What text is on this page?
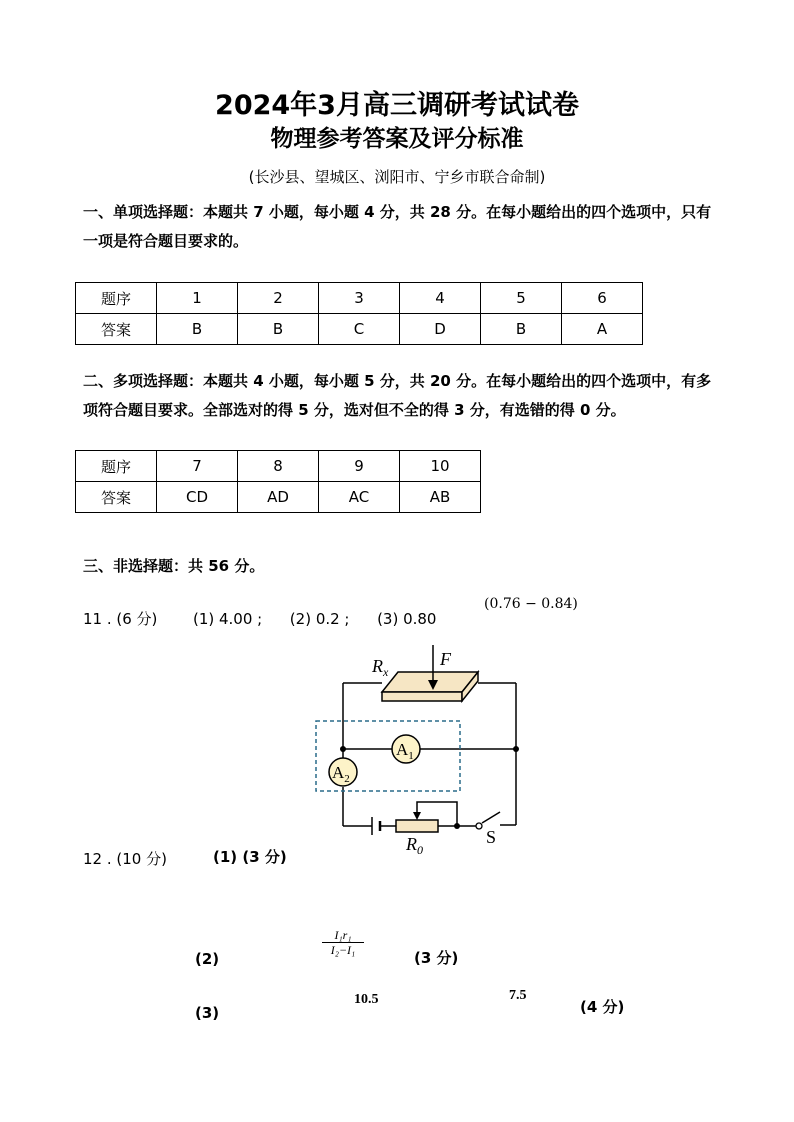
2024年3月高三调研考试试卷
物理参考答案及评分标准
(长沙县、望城区、浏阳市、宁乡市联合命制)
一、单项选择题：本题共 7 小题，每小题 4 分，共 28 分。在每小题给出的四个选项中，只有一项是符合题目要求的。
题序	1	2	3	4	5	6
答案	B	B	C	D	B	A
二、多项选择题：本题共 4 小题，每小题 5 分，共 20 分。在每小题给出的四个选项中，有多项符合题目要求。全部选对的得 5 分，选对但不全的得 3 分，有选错的得 0 分。
题序	7	8	9	10
答案	CD	AD	AC	AB
三、非选择题：共 56 分。
11 . (6 分) (1) 4.00 ; (2) 0.2 ; (3) 0.80
(0.76 − 0.84)
$A_1$
$A_2$
$R_x$
F
$R_0$
S
12 . (10 分)	(1) (3 分)
(2)
$\frac{\text{I₁r₁}}{\text{I₂−I₁}}$
(3 分)
(3)
10.5	7.5
(4 分)
